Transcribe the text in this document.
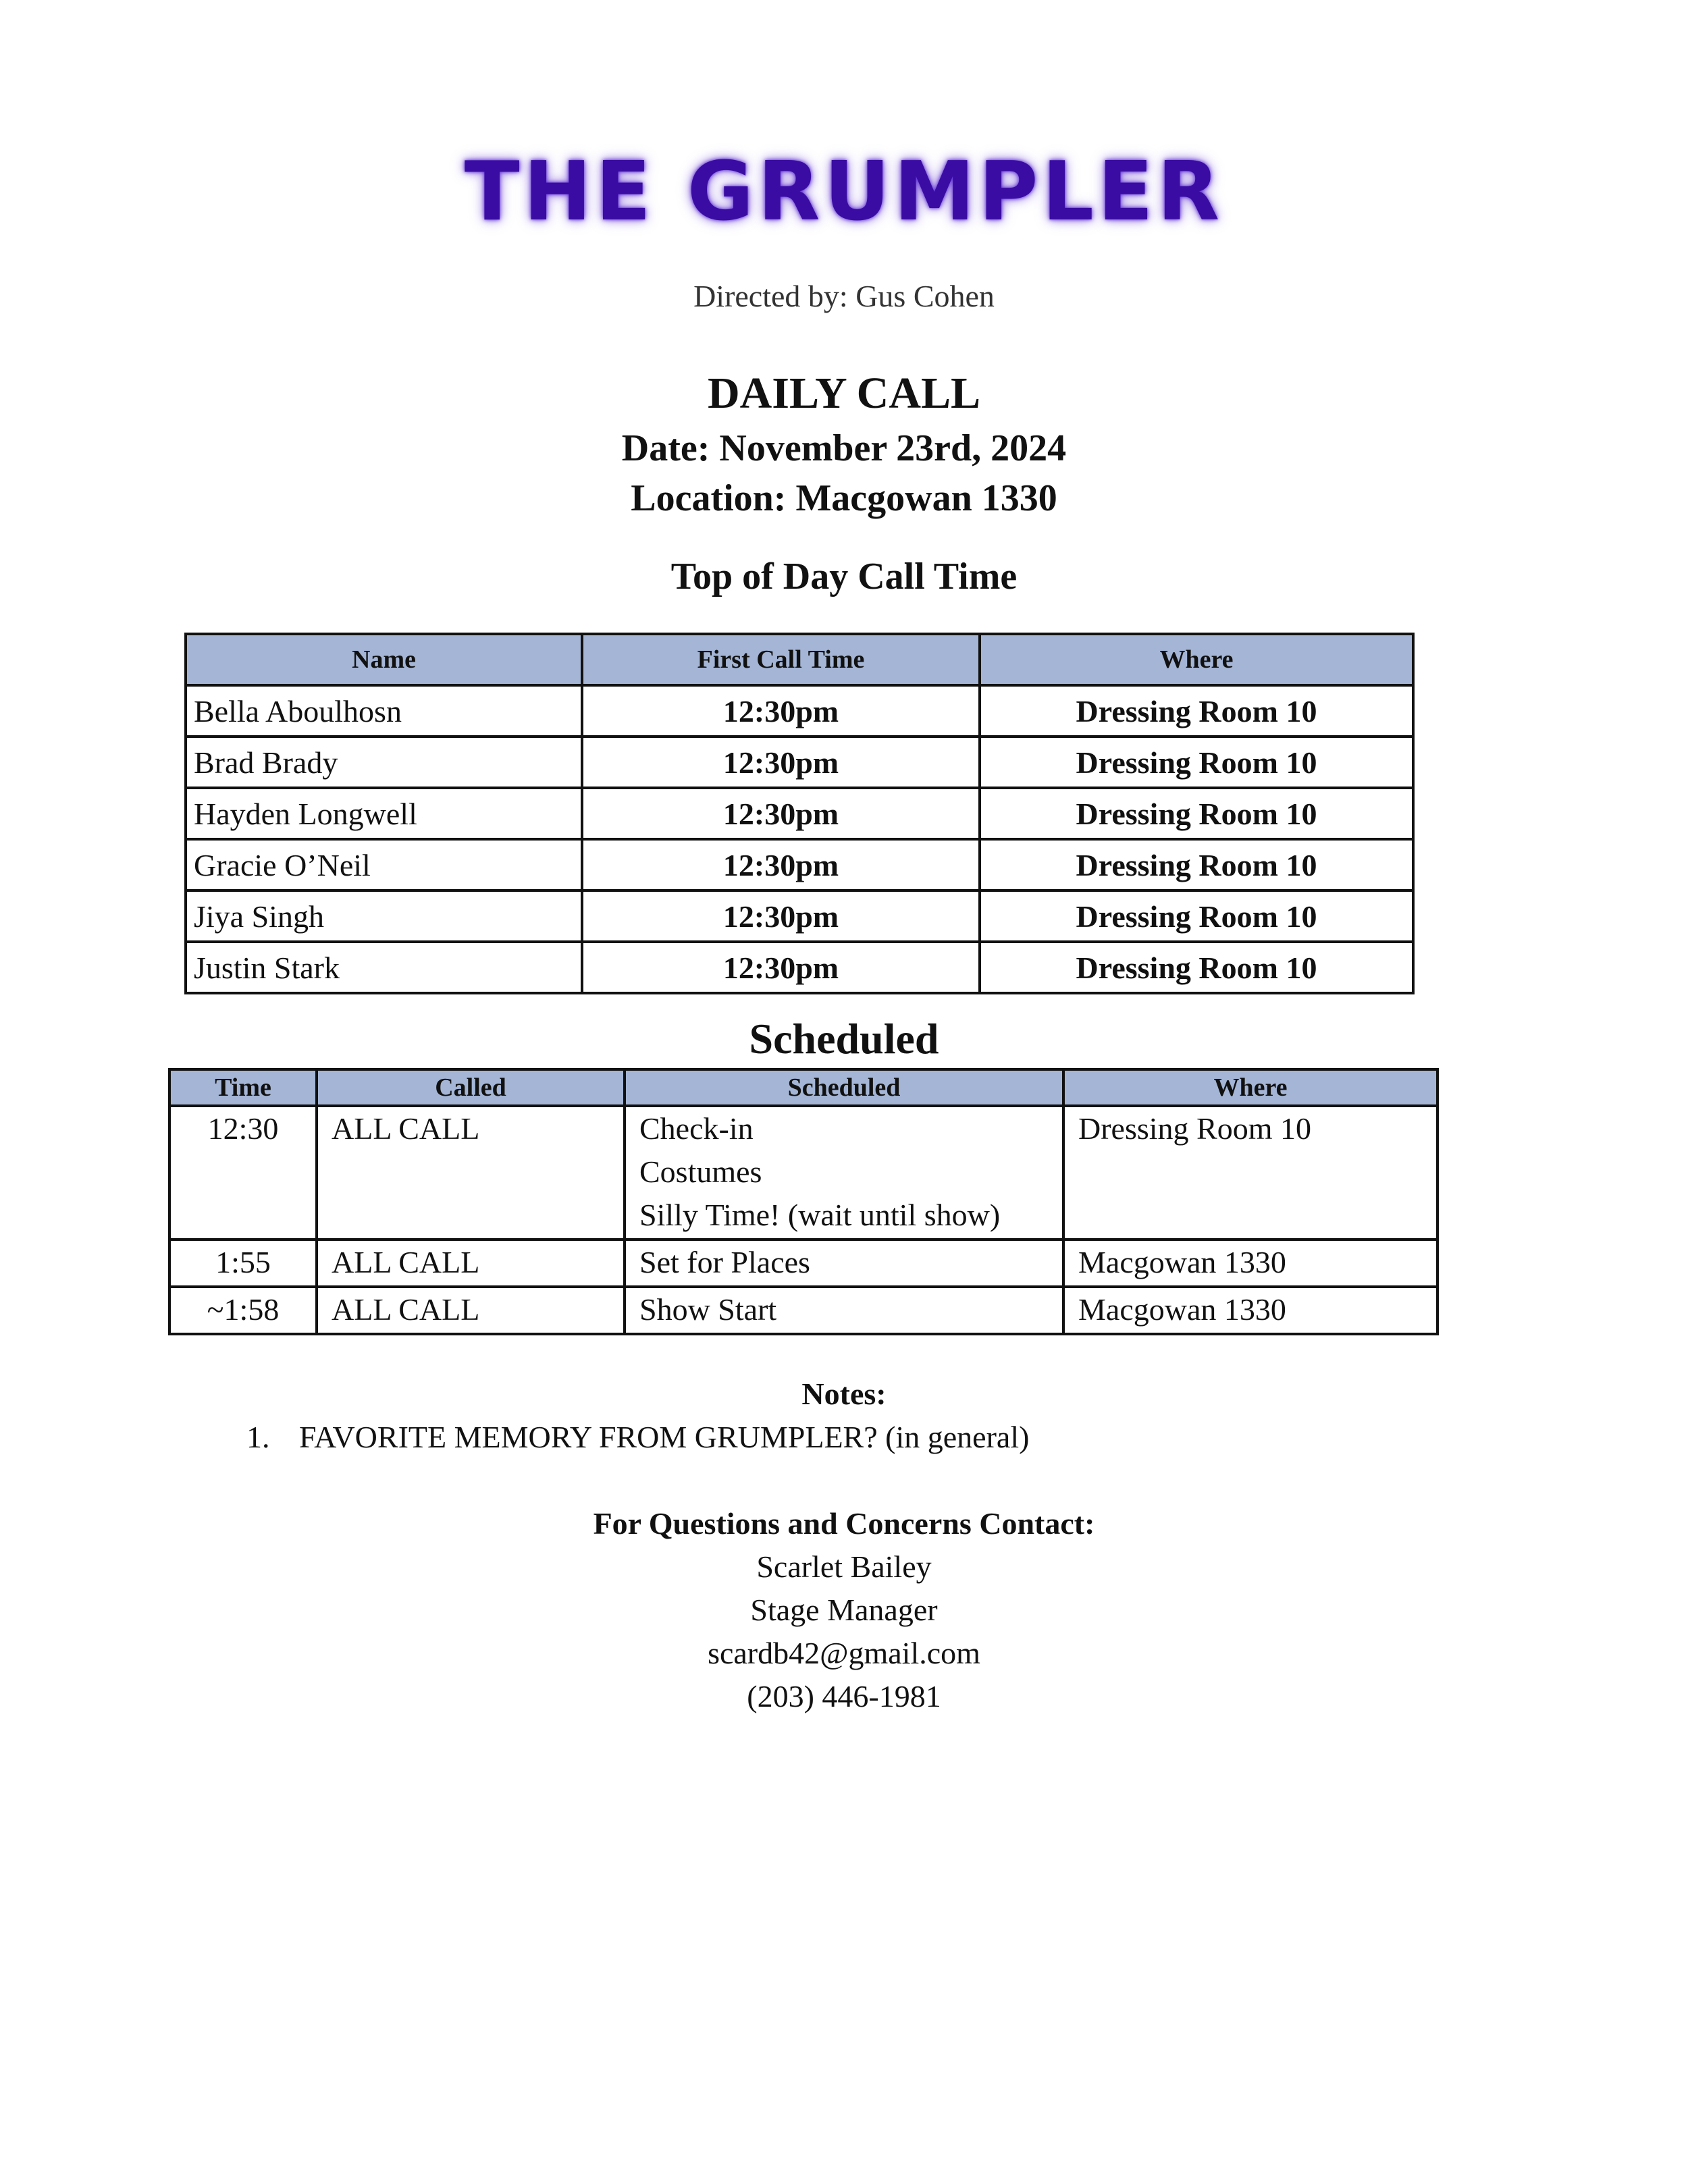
THE GRUMPLER
Directed by: Gus Cohen
DAILY CALL
Date: November 23rd, 2024
Location: Macgowan 1330
Top of Day Call Time
Name	First Call Time	Where
Bella Aboulhosn	12:30pm	Dressing Room 10
Brad Brady	12:30pm	Dressing Room 10
Hayden Longwell	12:30pm	Dressing Room 10
Gracie O’Neil	12:30pm	Dressing Room 10
Jiya Singh	12:30pm	Dressing Room 10
Justin Stark	12:30pm	Dressing Room 10
Scheduled
Time	Called	Scheduled	Where
12:30	ALL CALL	Check-in
Costumes
Silly Time! (wait until show)	Dressing Room 10
1:55	ALL CALL	Set for Places	Macgowan 1330
~1:58	ALL CALL	Show Start	Macgowan 1330
Notes:
1. FAVORITE MEMORY FROM GRUMPLER? (in general)
For Questions and Concerns Contact:
Scarlet Bailey
Stage Manager
scardb42@gmail.com
(203) 446-1981
